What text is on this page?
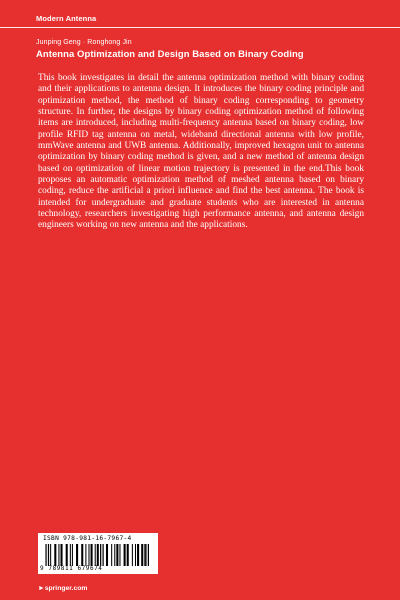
Modern Antenna
Junping Geng · Ronghong Jin
Antenna Optimization and Design Based on Binary Coding

This book investigates in detail the antenna optimization method with binary coding and their applications to antenna design. It introduces the binary coding principle and optimization method, the method of binary coding corresponding to geometry structure. In further, the designs by binary coding optimization method of following items are introduced, including multi-frequency antenna based on binary coding, low profile RFID tag antenna on metal, wideband directional antenna with low profile, mmWave antenna and UWB antenna. Additionally, improved hexagon unit to antenna optimization by binary coding method is given, and a new method of antenna design based on optimization of linear motion trajectory is presented in the end.This book proposes an automatic optimization method of meshed antenna based on binary coding, reduce the artificial a priori influence and find the best antenna. The book is intended for undergraduate and graduate students who are interested in antenna technology, researchers investigating high performance antenna, and antenna design engineers working on new antenna and the applications.

ISBN 978-981-16-7967-4
9 789811 679674
►springer.com
